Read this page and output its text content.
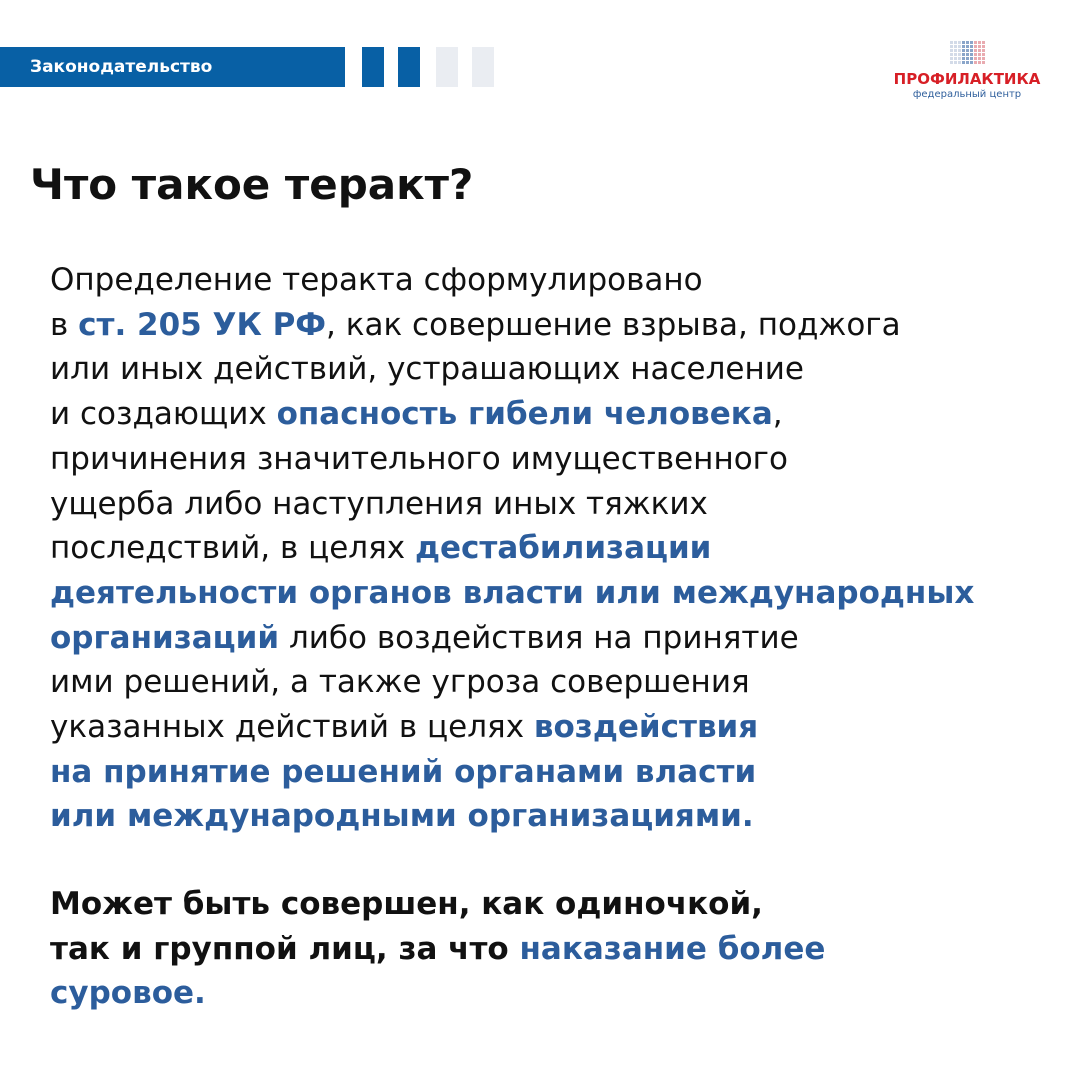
Законодательство
ПРОФИЛАКТИКА
федеральный центр
Что такое теракт?
Определение теракта сформулировано
в ст. 205 УК РФ, как совершение взрыва, поджога
или иных действий, устрашающих население
и создающих опасность гибели человека,
причинения значительного имущественного
ущерба либо наступления иных тяжких
последствий, в целях дестабилизации
деятельности органов власти или международных
организаций либо воздействия на принятие
ими решений, а также угроза совершения
указанных действий в целях воздействия
на принятие решений органами власти
или международными организациями.
Может быть совершен, как одиночкой,
так и группой лиц, за что наказание более
суровое.
